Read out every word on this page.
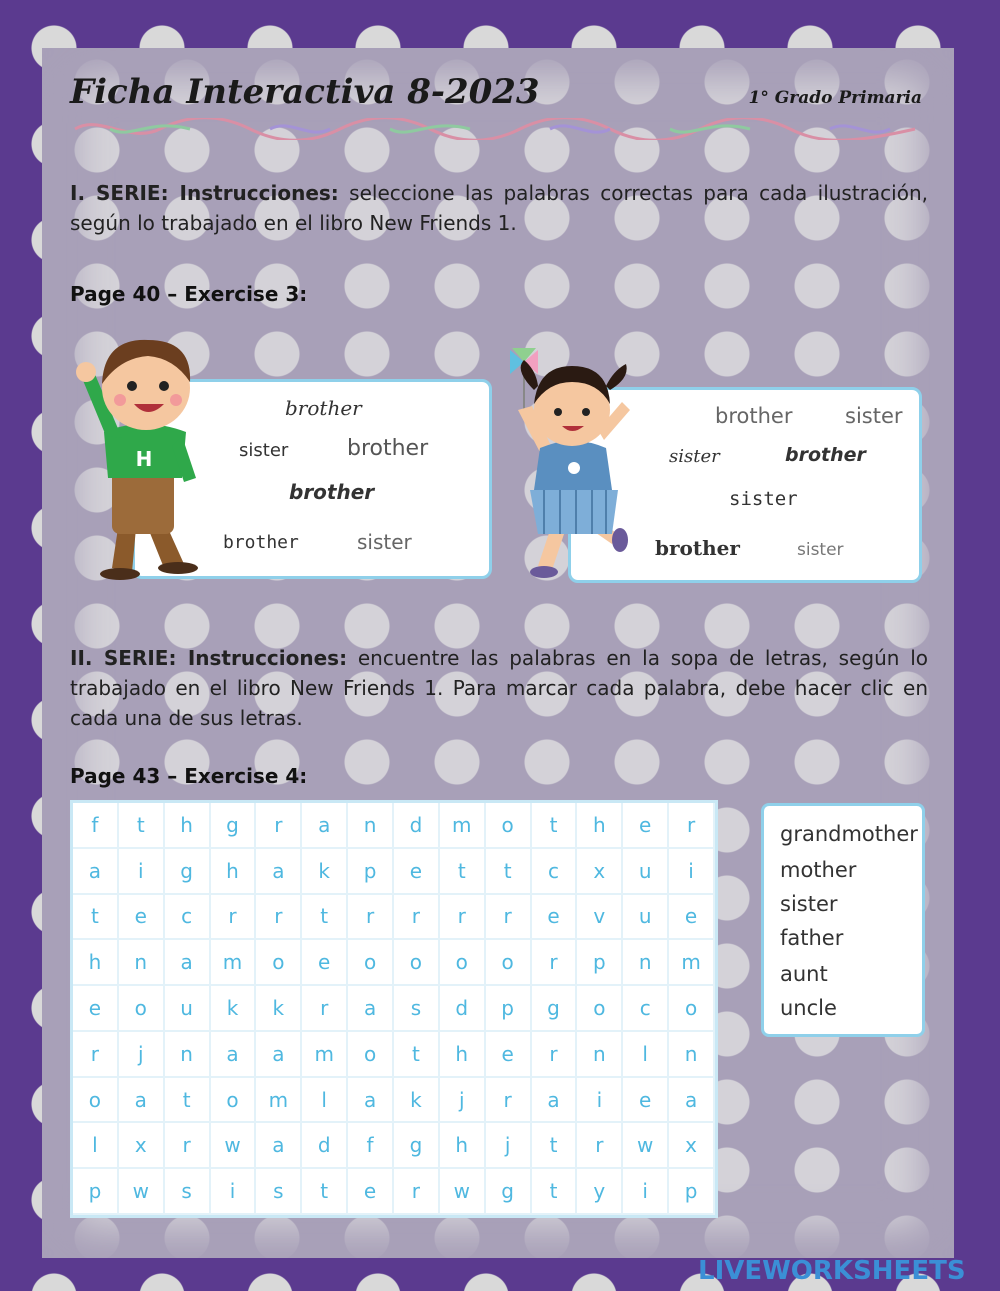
Ficha Interactiva 8-2023	1° Grado Primaria
I. SERIE: Instrucciones: seleccione las palabras correctas para cada ilustración, según lo trabajado en el libro New Friends 1.
Page 40 – Exercise 3:
brother
sister	brother
brother
brother	sister
H
brother	sister
sister	brother
sister
brother	sister
II. SERIE: Instrucciones: encuentre las palabras en la sopa de letras, según lo trabajado en el libro New Friends 1. Para marcar cada palabra, debe hacer clic en cada una de sus letras.
Page 43 – Exercise 4:
f	t	h	g	r	a	n	d	m	o	t	h	e	r
a	i	g	h	a	k	p	e	t	t	c	x	u	i
t	e	c	r	r	t	r	r	r	r	e	v	u	e
h	n	a	m	o	e	o	o	o	o	r	p	n	m
e	o	u	k	k	r	a	s	d	p	g	o	c	o
r	j	n	a	a	m	o	t	h	e	r	n	l	n
o	a	t	o	m	l	a	k	j	r	a	i	e	a
l	x	r	w	a	d	f	g	h	j	t	r	w	x
p	w	s	i	s	t	e	r	w	g	t	y	i	p
grandmother
mother
sister
father
aunt
uncle
LIVEWORKSHEETS
